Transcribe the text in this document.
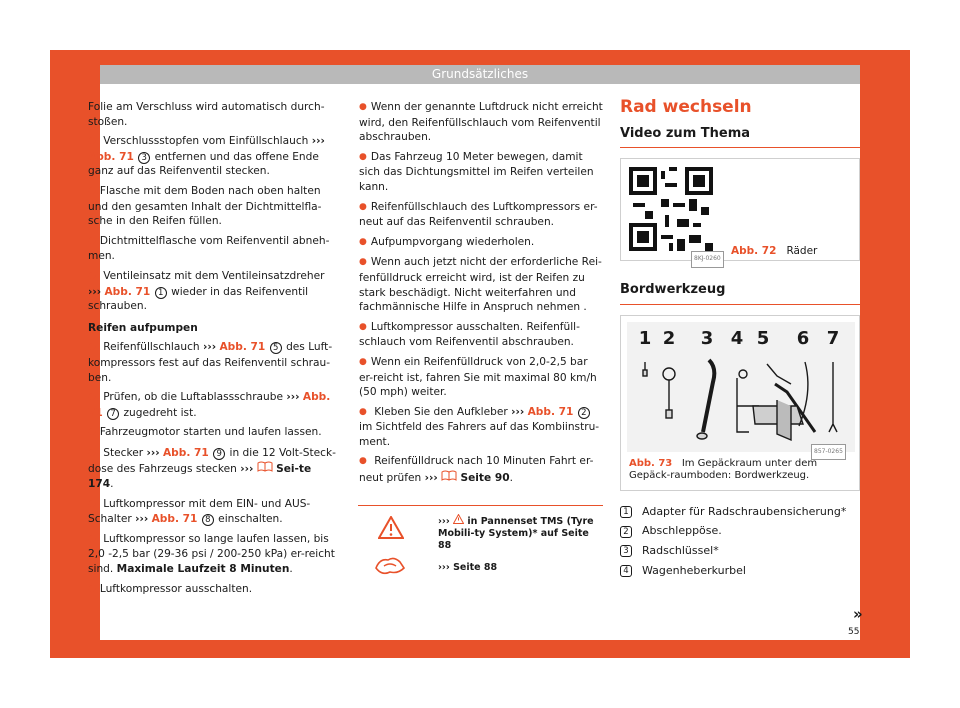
Grundsätzliches

Folie am Verschluss wird automatisch durch-stoßen.

● Verschlussstopfen vom Einfüllschlauch ››› Abb. 71 3 entfernen und das offene Ende ganz auf das Reifenventil stecken.

● Flasche mit dem Boden nach oben halten und den gesamten Inhalt der Dichtmittelfla-sche in den Reifen füllen.

● Dichtmittelflasche vom Reifenventil abneh-men.

● Ventileinsatz mit dem Ventileinsatzdreher ››› Abb. 71 1 wieder in das Reifenventil schrauben.

Reifen aufpumpen

● Reifenfüllschlauch ››› Abb. 71 5 des Luft-kompressors fest auf das Reifenventil schrau-ben.

● Prüfen, ob die Luftablassschraube ››› Abb. 71 7 zugedreht ist.

● Fahrzeugmotor starten und laufen lassen.

● Stecker ››› Abb. 71 9 in die 12 Volt-Steck-dose des Fahrzeugs stecken ››› Sei-te 174.

● Luftkompressor mit dem EIN- und AUS-Schalter ››› Abb. 71 8 einschalten.

● Luftkompressor so lange laufen lassen, bis 2,0 -2,5 bar (29-36 psi / 200-250 kPa) er-reicht sind. Maximale Laufzeit 8 Minuten.

● Luftkompressor ausschalten.

● Wenn der genannte Luftdruck nicht erreicht wird, den Reifenfüllschlauch vom Reifenventil abschrauben.

● Das Fahrzeug 10 Meter bewegen, damit sich das Dichtungsmittel im Reifen verteilen kann.

● Reifenfüllschlauch des Luftkompressors er-neut auf das Reifenventil schrauben.

● Aufpumpvorgang wiederholen.

● Wenn auch jetzt nicht der erforderliche Rei-fenfülldruck erreicht wird, ist der Reifen zu stark beschädigt. Nicht weiterfahren und fachmännische Hilfe in Anspruch nehmen .

● Luftkompressor ausschalten. Reifenfüll-schlauch vom Reifenventil abschrauben.

● Wenn ein Reifenfülldruck von 2,0-2,5 bar er-reicht ist, fahren Sie mit maximal 80 km/h (50 mph) weiter.

● Kleben Sie den Aufkleber ››› Abb. 71 2 im Sichtfeld des Fahrers auf das Kombiinstru-ment.

● Reifenfülldruck nach 10 Minuten Fahrt er-neut prüfen ››› Seite 90.

››› in Pannenset TMS (Tyre Mobili-ty System)* auf Seite 88
››› Seite 88
Rad wechseln
Video zum Thema
8KJ-0260
Abb. 72 Räder
Bordwerkzeug
1 2 3 4 5 6 7
857-0265
Abb. 73 Im Gepäckraum unter dem Gepäck-raumboden: Bordwerkzeug.
1 Adapter für Radschraubensicherung*
2 Abschleppöse.
3 Radschlüssel*
4 Wagenheberkurbel
»
55
